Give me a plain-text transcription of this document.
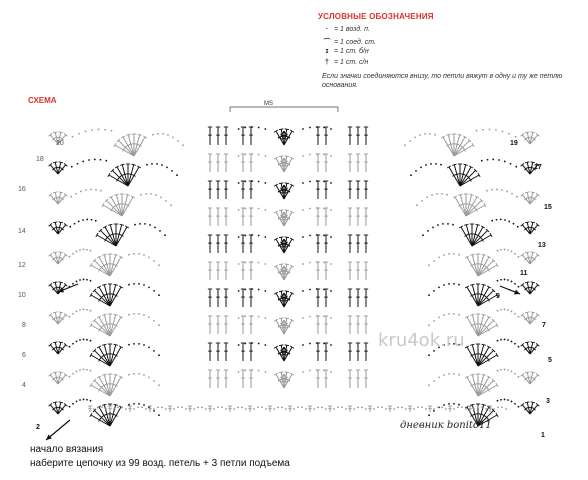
УСЛОВНЫЕ ОБОЗНАЧЕНИЯ
· = 1 возд. п.
⌒ = 1 соед. ст.
ɪ = 1 ст. б/н
† = 1 ст. с/н
Если значки соединяются внизу, то петли вяжут в одну и ту же петлю основания.
СХЕМА	MS
2
4
6
8
10
12
14
16
18
20
1
3
5
7
9
11
13
15
17
19
kru4ok.ru
дневник bonito11
начало вязания
наберите цепочку из 99 возд. петель + 3 петли подъема
